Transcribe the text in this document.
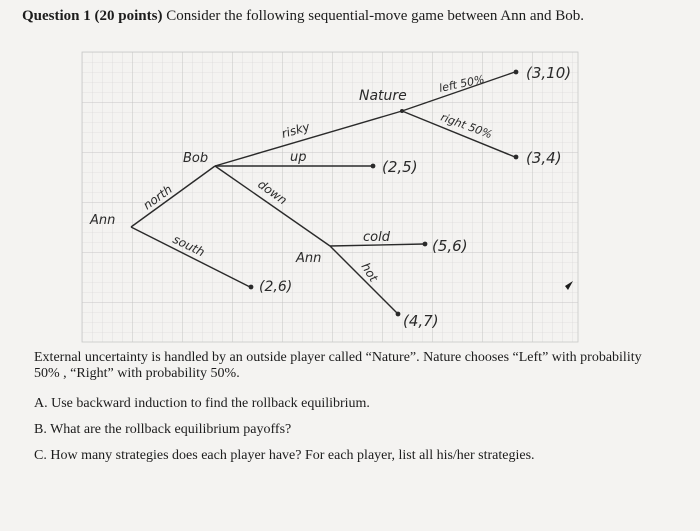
Question 1 (20 points) Consider the following sequential-move game between Ann and Bob.
Ann
Bob
Nature
Ann
north
south
risky
up
down
left 50%
right 50%
cold
hot
(3,10)
(3,4)
(2,5)
(5,6)
(4,7)
(2,6)
External uncertainty is handled by an outside player called “Nature”. Nature chooses “Left” with probability 50% , “Right” with probability 50%.
A. Use backward induction to find the rollback equilibrium.
B. What are the rollback equilibrium payoffs?
C. How many strategies does each player have? For each player, list all his/her strategies.
